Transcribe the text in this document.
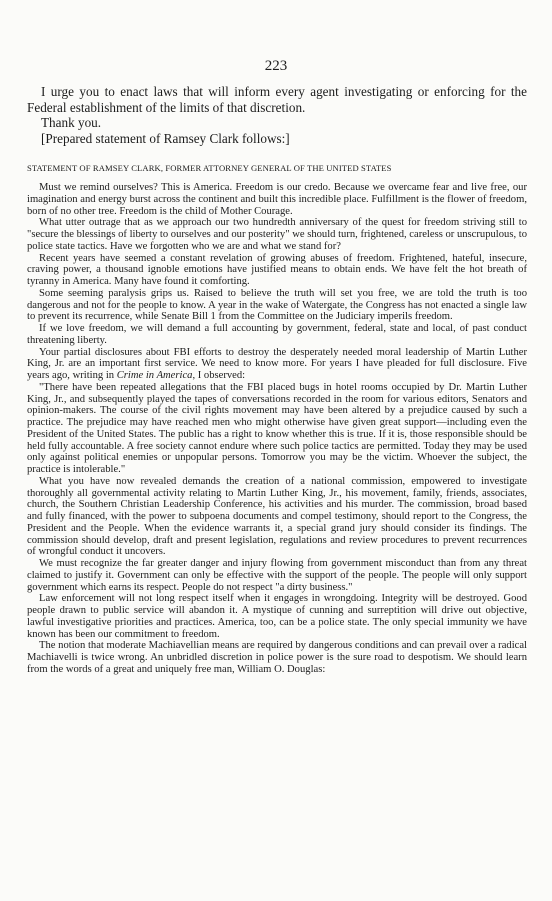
223

I urge you to enact laws that will inform every agent investigating or enforcing for the Federal establishment of the limits of that discretion.

Thank you.

[Prepared statement of Ramsey Clark follows:]

STATEMENT OF RAMSEY CLARK, FORMER ATTORNEY GENERAL OF THE UNITED STATES

Must we remind ourselves? This is America. Freedom is our credo. Because we overcame fear and live free, our imagination and energy burst across the continent and built this incredible place. Fulfillment is the flower of freedom, born of no other tree. Freedom is the child of Mother Courage.

What utter outrage that as we approach our two hundredth anniversary of the quest for freedom striving still to "secure the blessings of liberty to ourselves and our posterity" we should turn, frightened, careless or unscrupulous, to police state tactics. Have we forgotten who we are and what we stand for?

Recent years have seemed a constant revelation of growing abuses of freedom. Frightened, hateful, insecure, craving power, a thousand ignoble emotions have justified means to obtain ends. We have felt the hot breath of tyranny in America. Many have found it comforting.

Some seeming paralysis grips us. Raised to believe the truth will set you free, we are told the truth is too dangerous and not for the people to know. A year in the wake of Watergate, the Congress has not enacted a single law to prevent its recurrence, while Senate Bill 1 from the Committee on the Judiciary imperils freedom.

If we love freedom, we will demand a full accounting by government, federal, state and local, of past conduct threatening liberty.

Your partial disclosures about FBI efforts to destroy the desperately needed moral leadership of Martin Luther King, Jr. are an important first service. We need to know more. For years I have pleaded for full disclosure. Five years ago, writing in Crime in America, I observed:

"There have been repeated allegations that the FBI placed bugs in hotel rooms occupied by Dr. Martin Luther King, Jr., and subsequently played the tapes of conversations recorded in the room for various editors, Senators and opinion-makers. The course of the civil rights movement may have been altered by a prejudice caused by such a practice. The prejudice may have reached men who might otherwise have given great support—including even the President of the United States. The public has a right to know whether this is true. If it is, those responsible should be held fully accountable. A free society cannot endure where such police tactics are permitted. Today they may be used only against political enemies or unpopular persons. Tomorrow you may be the victim. Whoever the subject, the practice is intolerable."

What you have now revealed demands the creation of a national commission, empowered to investigate thoroughly all governmental activity relating to Martin Luther King, Jr., his movement, family, friends, associates, church, the Southern Christian Leadership Conference, his activities and his murder. The commission, broad based and fully financed, with the power to subpoena documents and compel testimony, should report to the Congress, the President and the People. When the evidence warrants it, a special grand jury should consider its findings. The commission should develop, draft and present legislation, regulations and review procedures to prevent recurrences of wrongful conduct it uncovers.

We must recognize the far greater danger and injury flowing from government misconduct than from any threat claimed to justify it. Government can only be effective with the support of the people. The people will only support government which earns its respect. People do not respect "a dirty business."

Law enforcement will not long respect itself when it engages in wrongdoing. Integrity will be destroyed. Good people drawn to public service will abandon it. A mystique of cunning and surreptition will drive out objective, lawful investigative priorities and practices. America, too, can be a police state. The only special immunity we have known has been our commitment to freedom.

The notion that moderate Machiavellian means are required by dangerous conditions and can prevail over a radical Machiavelli is twice wrong. An unbridled discretion in police power is the sure road to despotism. We should learn from the words of a great and uniquely free man, William O. Douglas:
